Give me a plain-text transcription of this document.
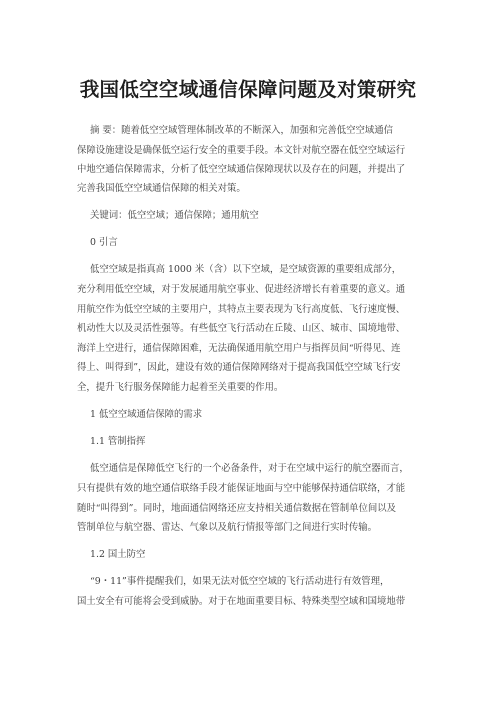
我国低空空域通信保障问题及对策研究
摘 要：随着低空空域管理体制改革的不断深入，加强和完善低空空域通信
保障设施建设是确保低空运行安全的重要手段。本文针对航空器在低空空域运行
中地空通信保障需求，分析了低空空域通信保障现状以及存在的问题，并提出了
完善我国低空空域通信保障的相关对策。
关键词：低空空域；通信保障；通用航空
0 引言
低空空域是指真高 1000 米（含）以下空域，是空域资源的重要组成部分，
充分利用低空空域，对于发展通用航空事业、促进经济增长有着重要的意义。通
用航空作为低空空域的主要用户，其特点主要表现为飞行高度低、飞行速度慢、
机动性大以及灵活性强等。有些低空飞行活动在丘陵、山区、城市、国境地带、
海洋上空进行，通信保障困难，无法确保通用航空用户与指挥员间“听得见、连
得上、叫得到”，因此，建设有效的通信保障网络对于提高我国低空空域飞行安
全，提升飞行服务保障能力起着至关重要的作用。
1 低空空域通信保障的需求
1.1 管制指挥
低空通信是保障低空飞行的一个必备条件，对于在空域中运行的航空器而言，
只有提供有效的地空通信联络手段才能保证地面与空中能够保持通信联络，才能
随时“叫得到”。同时，地面通信网络还应支持相关通信数据在管制单位间以及
管制单位与航空器、雷达、气象以及航行情报等部门之间进行实时传输。
1.2 国土防空
“9・11”事件提醒我们，如果无法对低空空域的飞行活动进行有效管理，
国土安全有可能将会受到威胁。对于在地面重要目标、特殊类型空域和国境地带
